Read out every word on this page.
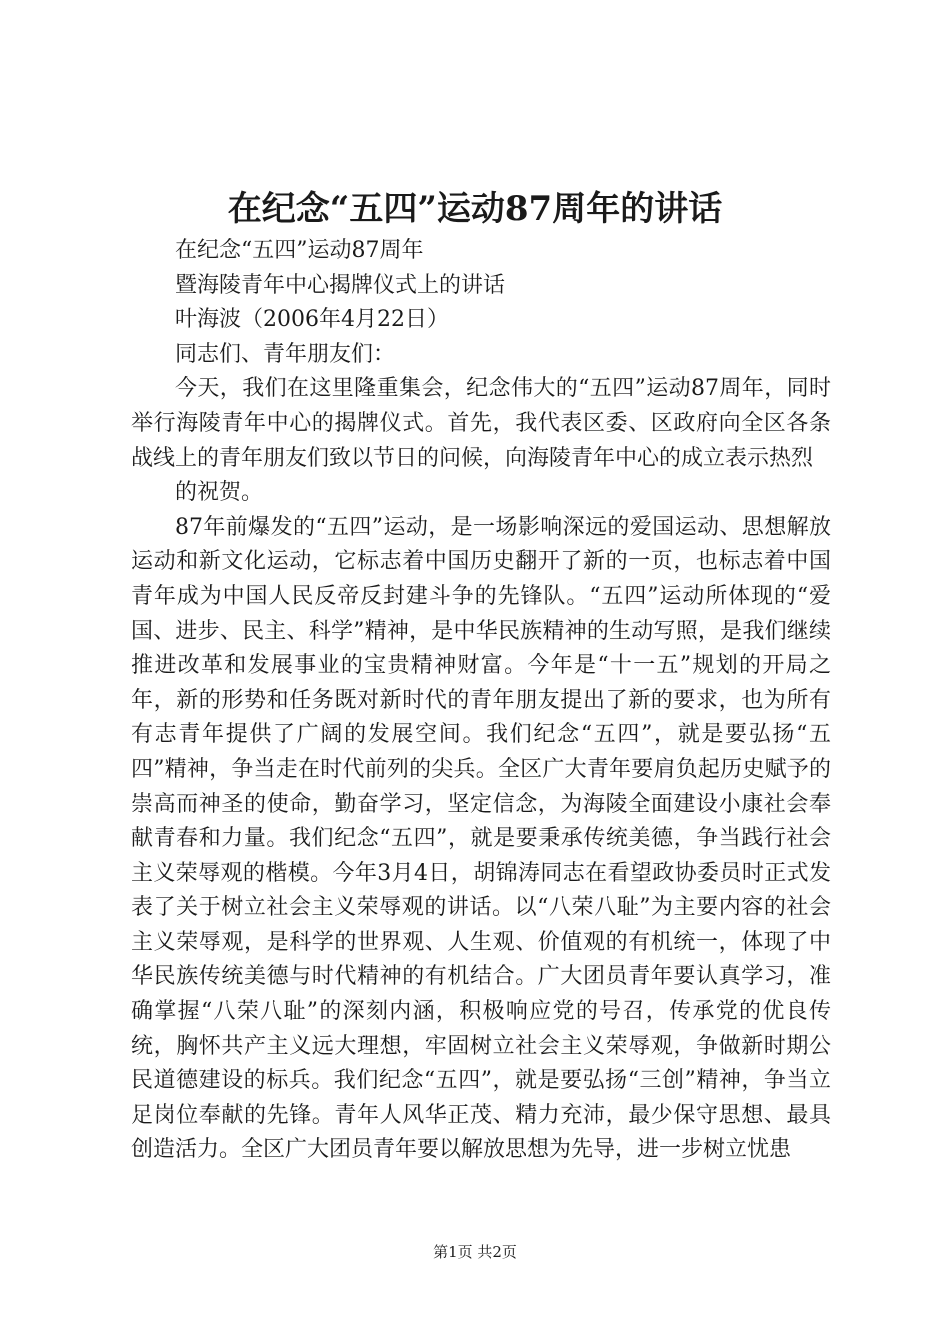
在纪念“五四”运动87周年的讲话

在纪念“五四”运动87周年

暨海陵青年中心揭牌仪式上的讲话

叶海波（2006年4月22日）

同志们、青年朋友们：

今天，我们在这里隆重集会，纪念伟大的“五四”运动87周年，同时举行海陵青年中心的揭牌仪式。首先，我代表区委、区政府向全区各条战线上的青年朋友们致以节日的问候，向海陵青年中心的成立表示热烈

的祝贺。

87年前爆发的“五四”运动，是一场影响深远的爱国运动、思想解放运动和新文化运动，它标志着中国历史翻开了新的一页，也标志着中国青年成为中国人民反帝反封建斗争的先锋队。“五四”运动所体现的“爱国、进步、民主、科学”精神，是中华民族精神的生动写照，是我们继续推进改革和发展事业的宝贵精神财富。今年是“十一五”规划的开局之年，新的形势和任务既对新时代的青年朋友提出了新的要求，也为所有有志青年提供了广阔的发展空间。我们纪念“五四”，就是要弘扬“五四”精神，争当走在时代前列的尖兵。全区广大青年要肩负起历史赋予的崇高而神圣的使命，勤奋学习，坚定信念，为海陵全面建设小康社会奉献青春和力量。我们纪念“五四”，就是要秉承传统美德，争当践行社会主义荣辱观的楷模。今年3月4日，胡锦涛同志在看望政协委员时正式发表了关于树立社会主义荣辱观的讲话。以“八荣八耻”为主要内容的社会主义荣辱观，是科学的世界观、人生观、价值观的有机统一，体现了中华民族传统美德与时代精神的有机结合。广大团员青年要认真学习，准确掌握“八荣八耻”的深刻内涵，积极响应党的号召，传承党的优良传统，胸怀共产主义远大理想，牢固树立社会主义荣辱观，争做新时期公民道德建设的标兵。我们纪念“五四”，就是要弘扬“三创”精神，争当立足岗位奉献的先锋。青年人风华正茂、精力充沛，最少保守思想、最具创造活力。全区广大团员青年要以解放思想为先导，进一步树立忧患

第1页 共2页
